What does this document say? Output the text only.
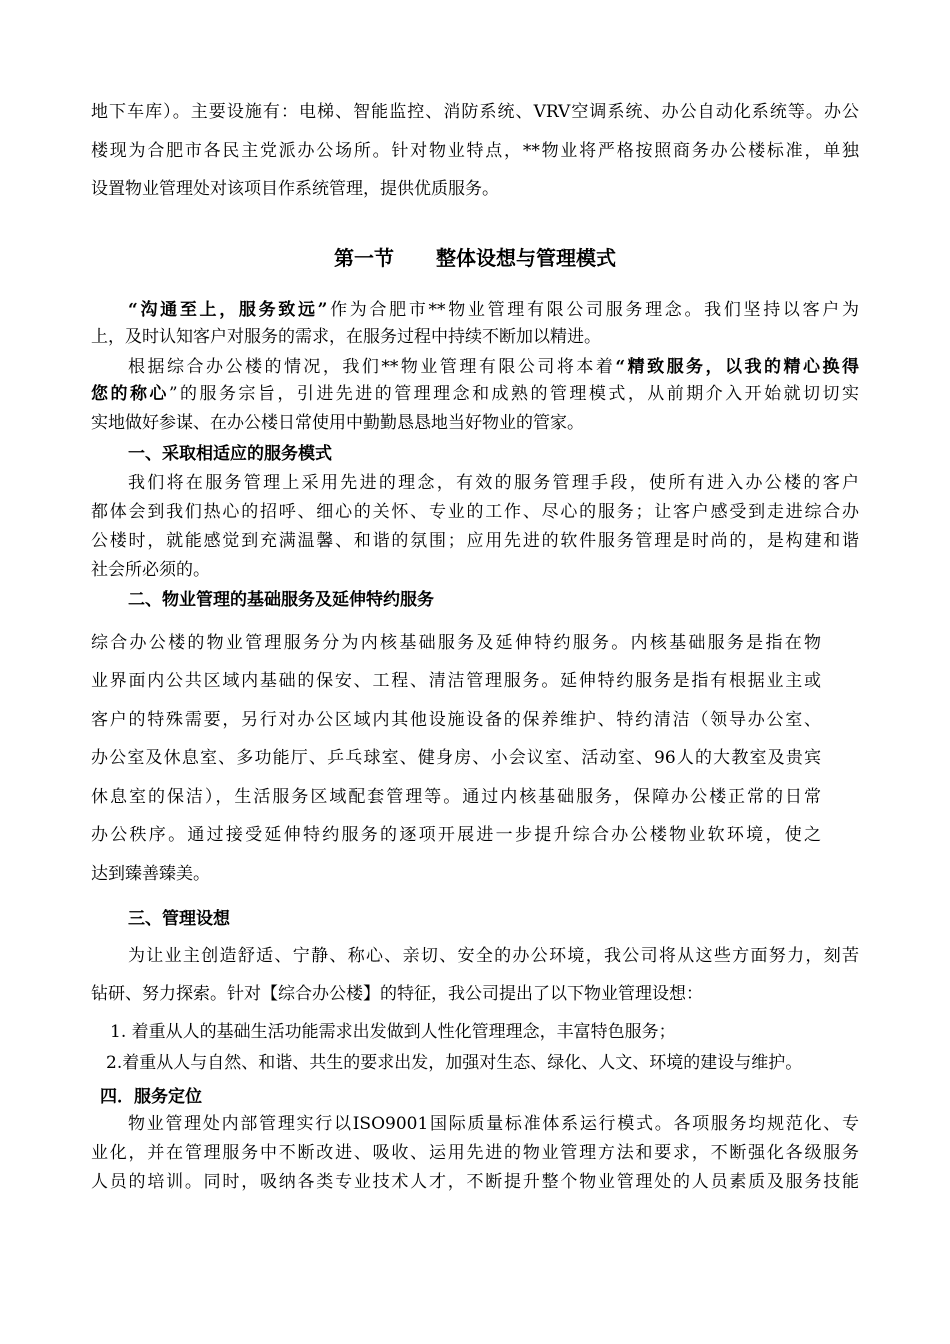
地下车库）。主要设施有：电梯、智能监控、消防系统、VRV空调系统、办公自动化系统等。办公
楼现为合肥市各民主党派办公场所。针对物业特点，**物业将严格按照商务办公楼标准，单独
设置物业管理处对该项目作系统管理，提供优质服务。
第一节 整体设想与管理模式
“沟通至上，服务致远”作为合肥市**物业管理有限公司服务理念。我们坚持以客户为
上，及时认知客户对服务的需求，在服务过程中持续不断加以精进。
根据综合办公楼的情况，我们**物业管理有限公司将本着“精致服务，以我的精心换得
您的称心”的服务宗旨，引进先进的管理理念和成熟的管理模式，从前期介入开始就切切实
实地做好参谋、在办公楼日常使用中勤勤恳恳地当好物业的管家。
一、采取相适应的服务模式
我们将在服务管理上采用先进的理念，有效的服务管理手段，使所有进入办公楼的客户
都体会到我们热心的招呼、细心的关怀、专业的工作、尽心的服务；让客户感受到走进综合办
公楼时，就能感觉到充满温馨、和谐的氛围；应用先进的软件服务管理是时尚的，是构建和谐
社会所必须的。
二、物业管理的基础服务及延伸特约服务
综合办公楼的物业管理服务分为内核基础服务及延伸特约服务。内核基础服务是指在物
业界面内公共区域内基础的保安、工程、清洁管理服务。延伸特约服务是指有根据业主或
客户的特殊需要，另行对办公区域内其他设施设备的保养维护、特约清洁（领导办公室、
办公室及休息室、多功能厅、乒乓球室、健身房、小会议室、活动室、96人的大教室及贵宾
休息室的保洁），生活服务区域配套管理等。通过内核基础服务，保障办公楼正常的日常
办公秩序。通过接受延伸特约服务的逐项开展进一步提升综合办公楼物业软环境，使之
达到臻善臻美。
三、管理设想
为让业主创造舒适、宁静、称心、亲切、安全的办公环境，我公司将从这些方面努力，刻苦
钻研、努力探索。针对【综合办公楼】的特征，我公司提出了以下物业管理设想：
1. 着重从人的基础生活功能需求出发做到人性化管理理念，丰富特色服务；
2.着重从人与自然、和谐、共生的要求出发，加强对生态、绿化、人文、环境的建设与维护。
四．服务定位
物业管理处内部管理实行以ISO9001国际质量标准体系运行模式。各项服务均规范化、专
业化，并在管理服务中不断改进、吸收、运用先进的物业管理方法和要求，不断强化各级服务
人员的培训。同时，吸纳各类专业技术人才，不断提升整个物业管理处的人员素质及服务技能
